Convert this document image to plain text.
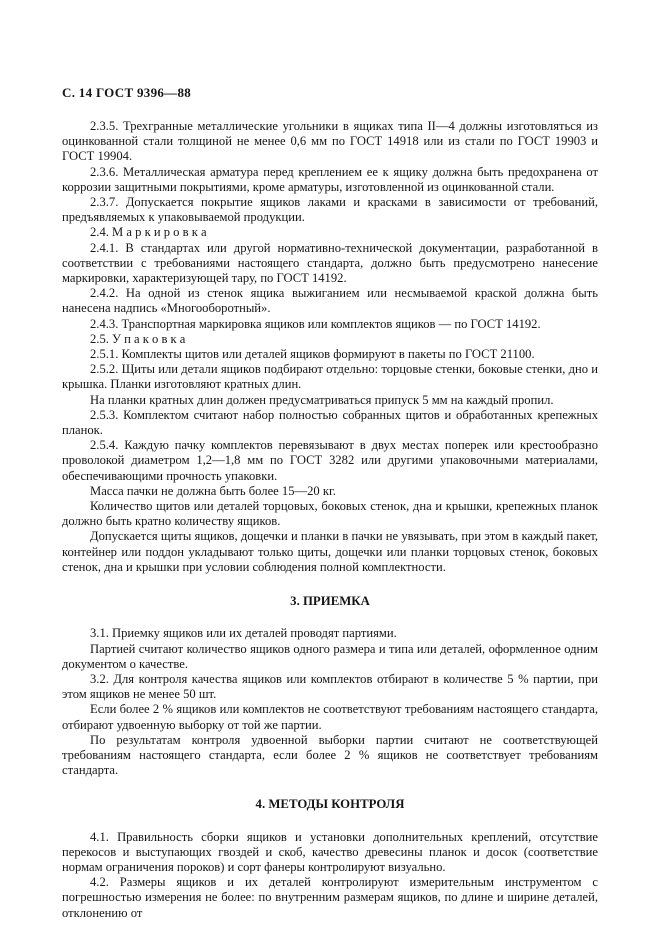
С. 14 ГОСТ 9396—88
2.3.5. Трехгранные металлические угольники в ящиках типа II—4 должны изготовляться из оцинкованной стали толщиной не менее 0,6 мм по ГОСТ 14918 или из стали по ГОСТ 19903 и ГОСТ 19904.
2.3.6. Металлическая арматура перед креплением ее к ящику должна быть предохранена от коррозии защитными покрытиями, кроме арматуры, изготовленной из оцинкованной стали.
2.3.7. Допускается покрытие ящиков лаками и красками в зависимости от требований, предъявляемых к упаковываемой продукции.
2.4. М а р к и р о в к а
2.4.1. В стандартах или другой нормативно-технической документации, разработанной в соответствии с требованиями настоящего стандарта, должно быть предусмотрено нанесение маркировки, характеризующей тару, по ГОСТ 14192.
2.4.2. На одной из стенок ящика выжиганием или несмываемой краской должна быть нанесена надпись «Многооборотный».
2.4.3. Транспортная маркировка ящиков или комплектов ящиков — по ГОСТ 14192.
2.5. У п а к о в к а
2.5.1. Комплекты щитов или деталей ящиков формируют в пакеты по ГОСТ 21100.
2.5.2. Щиты или детали ящиков подбирают отдельно: торцовые стенки, боковые стенки, дно и крышка. Планки изготовляют кратных длин.
На планки кратных длин должен предусматриваться припуск 5 мм на каждый пропил.
2.5.3. Комплектом считают набор полностью собранных щитов и обработанных крепежных планок.
2.5.4. Каждую пачку комплектов перевязывают в двух местах поперек или крестообразно проволокой диаметром 1,2—1,8 мм по ГОСТ 3282 или другими упаковочными материалами, обеспечивающими прочность упаковки.
Масса пачки не должна быть более 15—20 кг.
Количество щитов или деталей торцовых, боковых стенок, дна и крышки, крепежных планок должно быть кратно количеству ящиков.
Допускается щиты ящиков, дощечки и планки в пачки не увязывать, при этом в каждый пакет, контейнер или поддон укладывают только щиты, дощечки или планки торцовых стенок, боковых стенок, дна и крышки при условии соблюдения полной комплектности.
3. ПРИЕМКА
3.1. Приемку ящиков или их деталей проводят партиями.
Партией считают количество ящиков одного размера и типа или деталей, оформленное одним документом о качестве.
3.2. Для контроля качества ящиков или комплектов отбирают в количестве 5 % партии, при этом ящиков не менее 50 шт.
Если более 2 % ящиков или комплектов не соответствуют требованиям настоящего стандарта, отбирают удвоенную выборку от той же партии.
По результатам контроля удвоенной выборки партии считают не соответствующей требованиям настоящего стандарта, если более 2 % ящиков не соответствует требованиям стандарта.
4. МЕТОДЫ КОНТРОЛЯ
4.1. Правильность сборки ящиков и установки дополнительных креплений, отсутствие перекосов и выступающих гвоздей и скоб, качество древесины планок и досок (соответствие нормам ограничения пороков) и сорт фанеры контролируют визуально.
4.2. Размеры ящиков и их деталей контролируют измерительным инструментом с погрешностью измерения не более: по внутренним размерам ящиков, по длине и ширине деталей, отклонению от
